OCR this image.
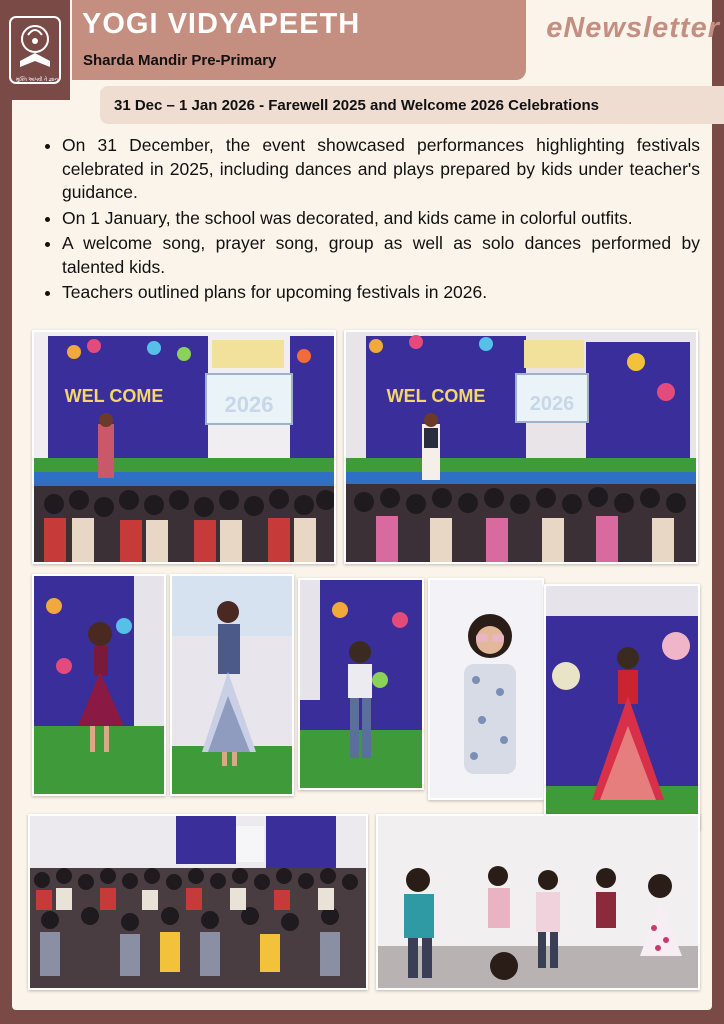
મુક્તિ આપવી તે જ્ઞાન
YOGI VIDYAPEETH

Sharda Mandir Pre-Primary

eNewsletter
31 Dec – 1 Jan 2026 - Farewell 2025 and Welcome 2026 Celebrations
• On 31 December, the event showcased performances highlighting festivals celebrated in 2025, including dances and plays prepared by kids under teacher's guidance.
• On 1 January, the school was decorated, and kids came in colorful outfits.
• A welcome song, prayer song, group as well as solo dances performed by talented kids.
• Teachers outlined plans for upcoming festivals in 2026.
2026
WEL COME	2026
WEL COME
